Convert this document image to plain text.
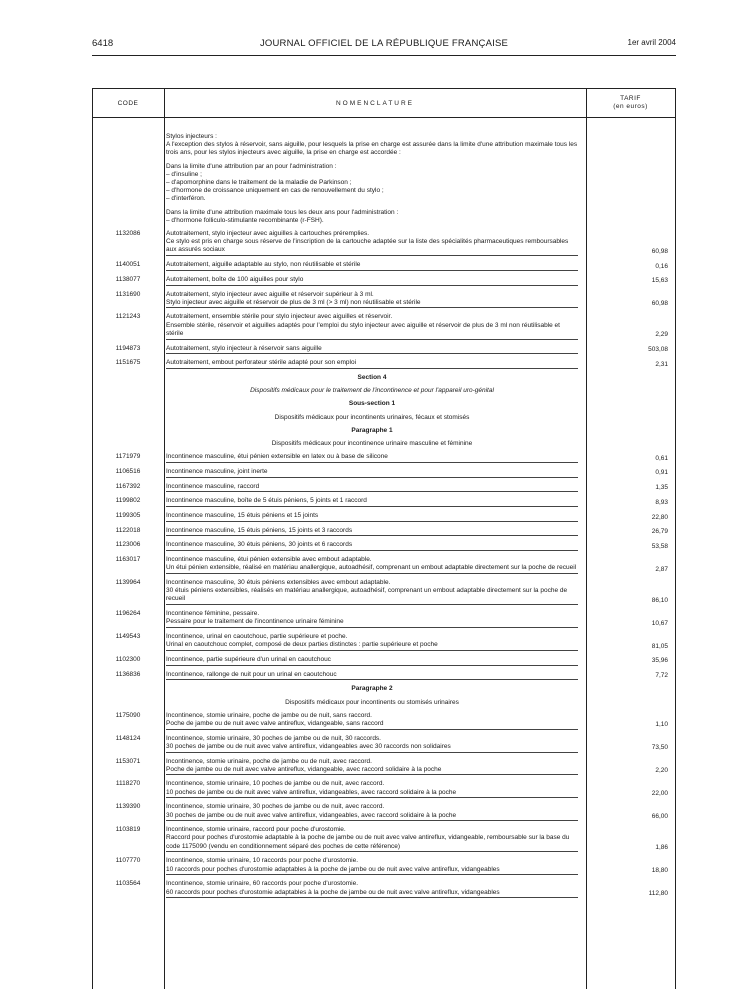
6418	JOURNAL OFFICIEL DE LA RÉPUBLIQUE FRANÇAISE	1er avril 2004
CODE	NOMENCLATURE
TARIF
(en euros)
Stylos injecteurs :
A l'exception des stylos à réservoir, sans aiguille, pour lesquels la prise en charge est assurée dans la limite d'une attribution maximale tous les trois ans, pour les stylos injecteurs avec aiguille, la prise en charge est accordée :
Dans la limite d'une attribution par an pour l'administration :
– d'insuline ;
– d'apomorphine dans le traitement de la maladie de Parkinson ;
– d'hormone de croissance uniquement en cas de renouvellement du stylo ;
– d'interféron.
Dans la limite d'une attribution maximale tous les deux ans pour l'administration :
– d'hormone folliculo-stimulante recombinante (r-FSH).
1132086	Autotraitement, stylo injecteur avec aiguilles à cartouches préremplies.
Ce stylo est pris en charge sous réserve de l'inscription de la cartouche adaptée sur la liste des spécialités pharmaceutiques remboursables aux assurés sociaux	60,98
1140051	Autotraitement, aiguille adaptable au stylo, non réutilisable et stérile	0,16
1138077	Autotraitement, boîte de 100 aiguilles pour stylo	15,63
1131690	Autotraitement, stylo injecteur avec aiguille et réservoir supérieur à 3 ml.
Stylo injecteur avec aiguille et réservoir de plus de 3 ml (> 3 ml) non réutilisable et stérile	60,98
1121243	Autotraitement, ensemble stérile pour stylo injecteur avec aiguilles et réservoir.
Ensemble stérile, réservoir et aiguilles adaptés pour l'emploi du stylo injecteur avec aiguille et réservoir de plus de 3 ml non réutilisable et stérile	2,29
1194873	Autotraitement, stylo injecteur à réservoir sans aiguille	503,08
1151675	Autotraitement, embout perforateur stérile adapté pour son emploi	2,31
Section 4
Dispositifs médicaux pour le traitement de l'incontinence et pour l'appareil uro-génital
Sous-section 1
Dispositifs médicaux pour incontinents urinaires, fécaux et stomisés
Paragraphe 1
Dispositifs médicaux pour incontinence urinaire masculine et féminine
1171979	Incontinence masculine, étui pénien extensible en latex ou à base de silicone	0,61
1106516	Incontinence masculine, joint inerte	0,91
1167392	Incontinence masculine, raccord	1,35
1199802	Incontinence masculine, boîte de 5 étuis péniens, 5 joints et 1 raccord	8,93
1199305	Incontinence masculine, 15 étuis péniens et 15 joints	22,80
1122018	Incontinence masculine, 15 étuis péniens, 15 joints et 3 raccords	26,79
1123006	Incontinence masculine, 30 étuis péniens, 30 joints et 6 raccords	53,58
1163017	Incontinence masculine, étui pénien extensible avec embout adaptable.
Un étui pénien extensible, réalisé en matériau anallergique, autoadhésif, comprenant un embout adaptable directement sur la poche de recueil	2,87
1139964	Incontinence masculine, 30 étuis péniens extensibles avec embout adaptable.
30 étuis péniens extensibles, réalisés en matériau anallergique, autoadhésif, comprenant un embout adaptable directement sur la poche de recueil	86,10
1196264	Incontinence féminine, pessaire.
Pessaire pour le traitement de l'incontinence urinaire féminine	10,67
1149543	Incontinence, urinal en caoutchouc, partie supérieure et poche.
Urinal en caoutchouc complet, composé de deux parties distinctes : partie supérieure et poche	81,05
1102300	Incontinence, partie supérieure d'un urinal en caoutchouc	35,96
1136836	Incontinence, rallonge de nuit pour un urinal en caoutchouc	7,72
Paragraphe 2
Dispositifs médicaux pour incontinents ou stomisés urinaires
1175090	Incontinence, stomie urinaire, poche de jambe ou de nuit, sans raccord.
Poche de jambe ou de nuit avec valve antireflux, vidangeable, sans raccord	1,10
1148124	Incontinence, stomie urinaire, 30 poches de jambe ou de nuit, 30 raccords.
30 poches de jambe ou de nuit avec valve antireflux, vidangeables avec 30 raccords non solidaires	73,50
1153071	Incontinence, stomie urinaire, poche de jambe ou de nuit, avec raccord.
Poche de jambe ou de nuit avec valve antireflux, vidangeable, avec raccord solidaire à la poche	2,20
1118270	Incontinence, stomie urinaire, 10 poches de jambe ou de nuit, avec raccord.
10 poches de jambe ou de nuit avec valve antireflux, vidangeables, avec raccord solidaire à la poche	22,00
1139390	Incontinence, stomie urinaire, 30 poches de jambe ou de nuit, avec raccord.
30 poches de jambe ou de nuit avec valve antireflux, vidangeables, avec raccord solidaire à la poche	66,00
1103819	Incontinence, stomie urinaire, raccord pour poche d'urostomie.
Raccord pour poches d'urostomie adaptable à la poche de jambe ou de nuit avec valve antireflux, vidangeable, remboursable sur la base du code 1175090 (vendu en conditionnement séparé des poches de cette référence)	1,86
1107770	Incontinence, stomie urinaire, 10 raccords pour poche d'urostomie.
10 raccords pour poches d'urostomie adaptables à la poche de jambe ou de nuit avec valve antireflux, vidangeables	18,80
1103564	Incontinence, stomie urinaire, 60 raccords pour poche d'urostomie.
60 raccords pour poches d'urostomie adaptables à la poche de jambe ou de nuit avec valve antireflux, vidangeables	112,80
